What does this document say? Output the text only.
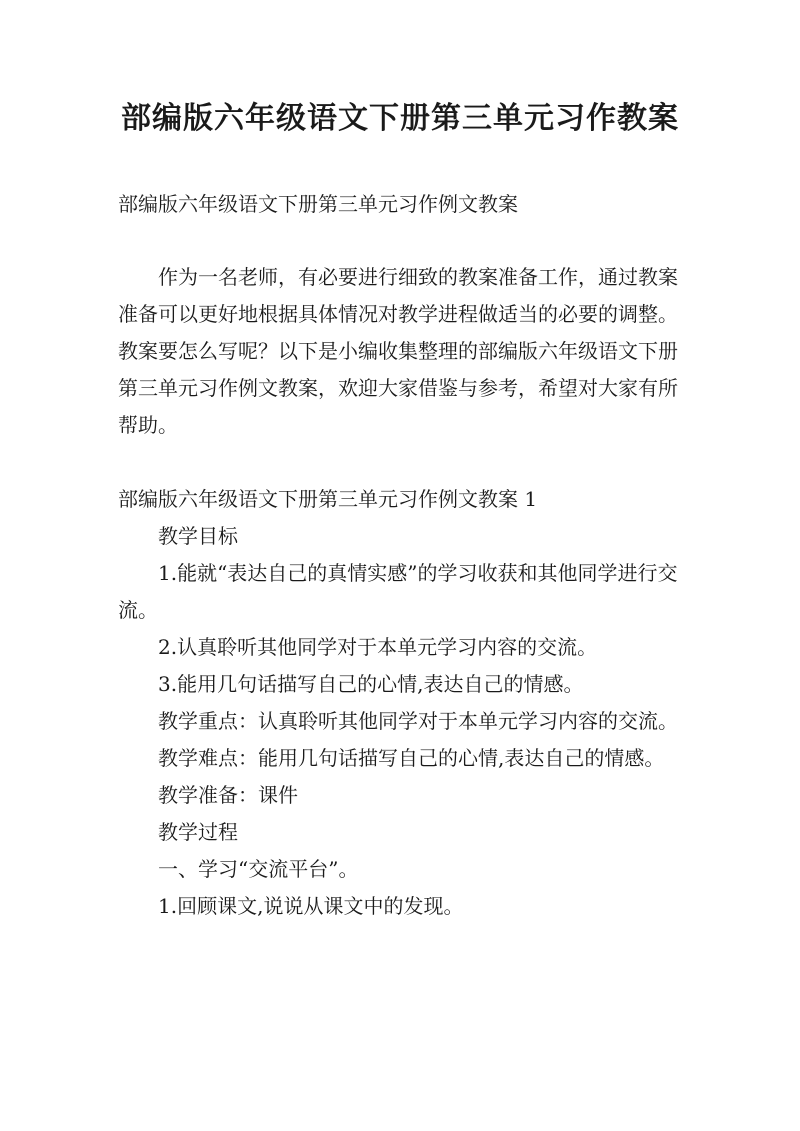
部编版六年级语文下册第三单元习作教案

部编版六年级语文下册第三单元习作例文教案

作为一名老师，有必要进行细致的教案准备工作，通过教案准备可以更好地根据具体情况对教学进程做适当的必要的调整。教案要怎么写呢？以下是小编收集整理的部编版六年级语文下册第三单元习作例文教案，欢迎大家借鉴与参考，希望对大家有所帮助。

部编版六年级语文下册第三单元习作例文教案 1

教学目标

1.能就“表达自己的真情实感”的学习收获和其他同学进行交流。

2.认真聆听其他同学对于本单元学习内容的交流。

3.能用几句话描写自己的心情,表达自己的情感。

教学重点：认真聆听其他同学对于本单元学习内容的交流。

教学难点：能用几句话描写自己的心情,表达自己的情感。

教学准备：课件

教学过程

一、学习“交流平台”。

1.回顾课文,说说从课文中的发现。
